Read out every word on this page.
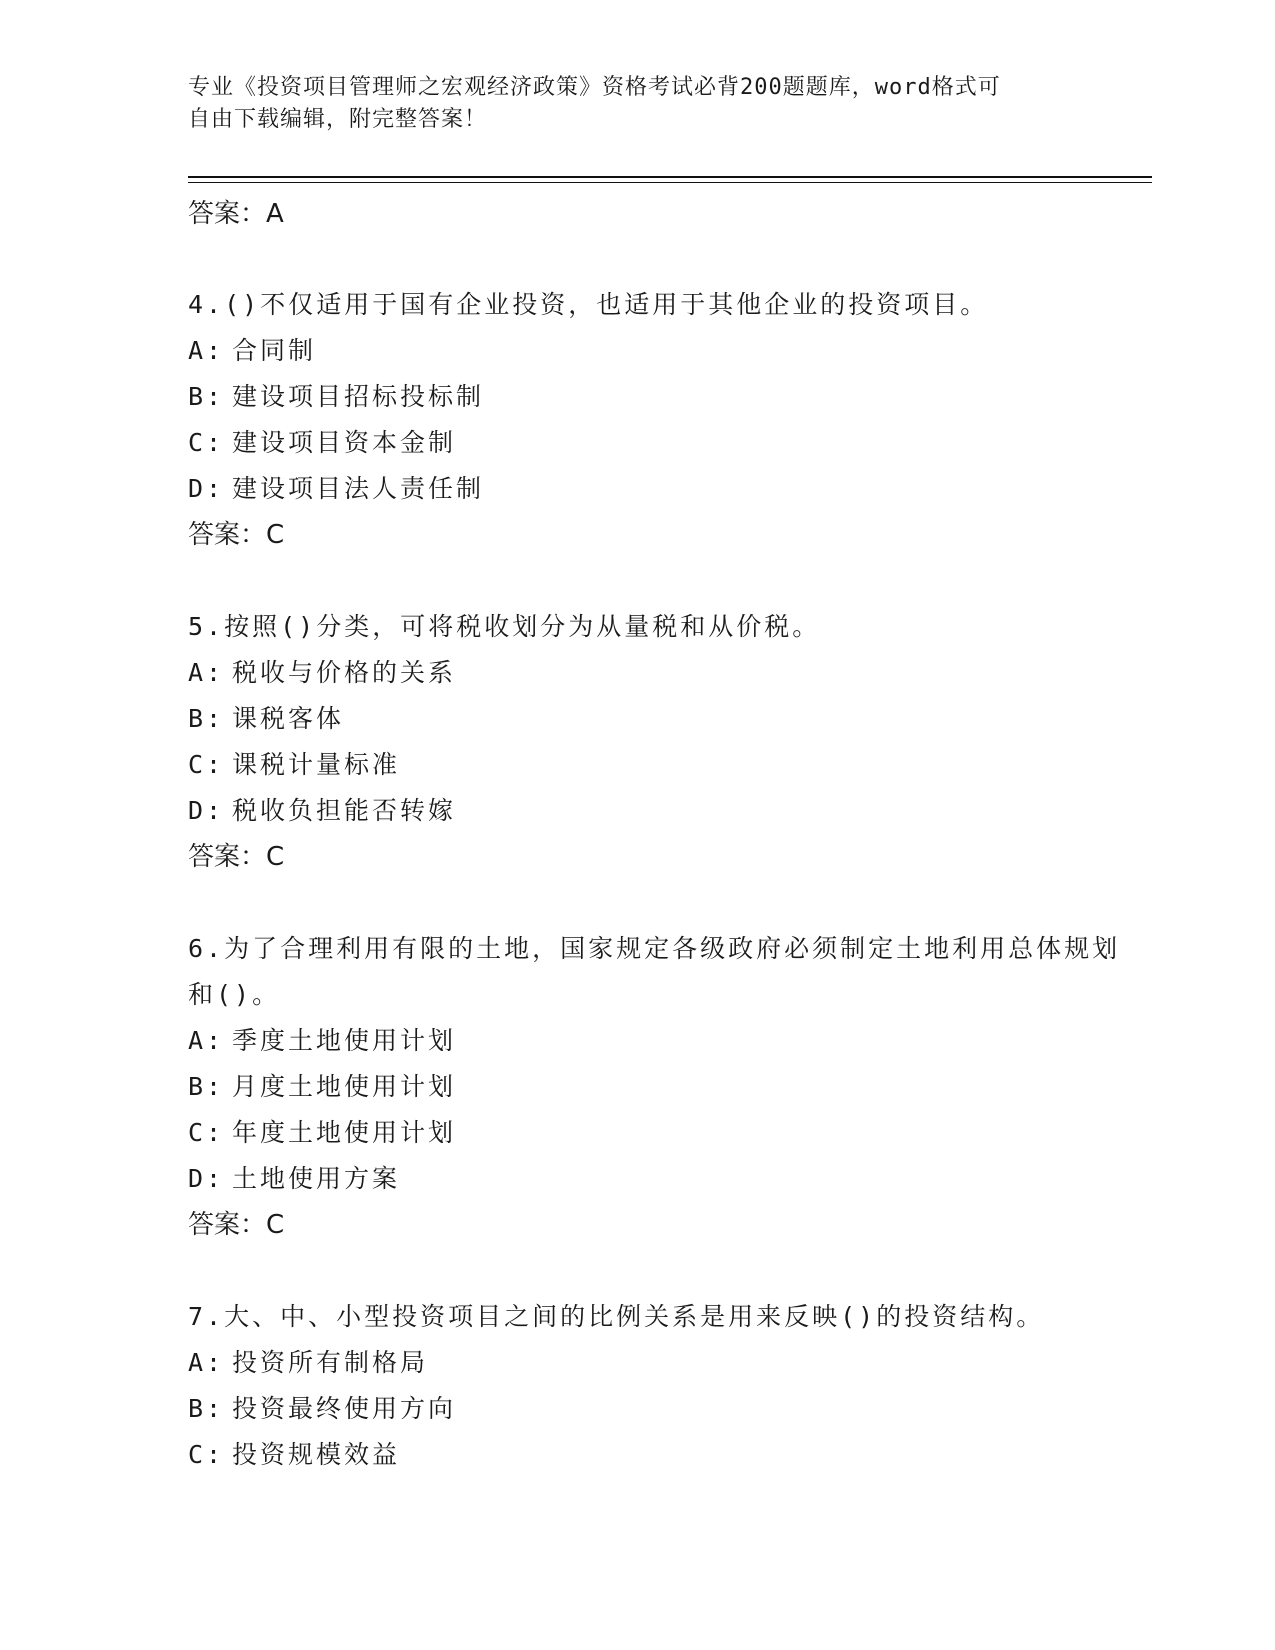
专业《投资项目管理师之宏观经济政策》资格考试必背200题题库，word格式可
自由下载编辑，附完整答案！
答案：A
4.()不仅适用于国有企业投资，也适用于其他企业的投资项目。
A: 合同制
B: 建设项目招标投标制
C: 建设项目资本金制
D: 建设项目法人责任制
答案：C
5.按照()分类，可将税收划分为从量税和从价税。
A: 税收与价格的关系
B: 课税客体
C: 课税计量标准
D: 税收负担能否转嫁
答案：C
6.为了合理利用有限的土地，国家规定各级政府必须制定土地利用总体规划和()。
A: 季度土地使用计划
B: 月度土地使用计划
C: 年度土地使用计划
D: 土地使用方案
答案：C
7.大、中、小型投资项目之间的比例关系是用来反映()的投资结构。
A: 投资所有制格局
B: 投资最终使用方向
C: 投资规模效益
